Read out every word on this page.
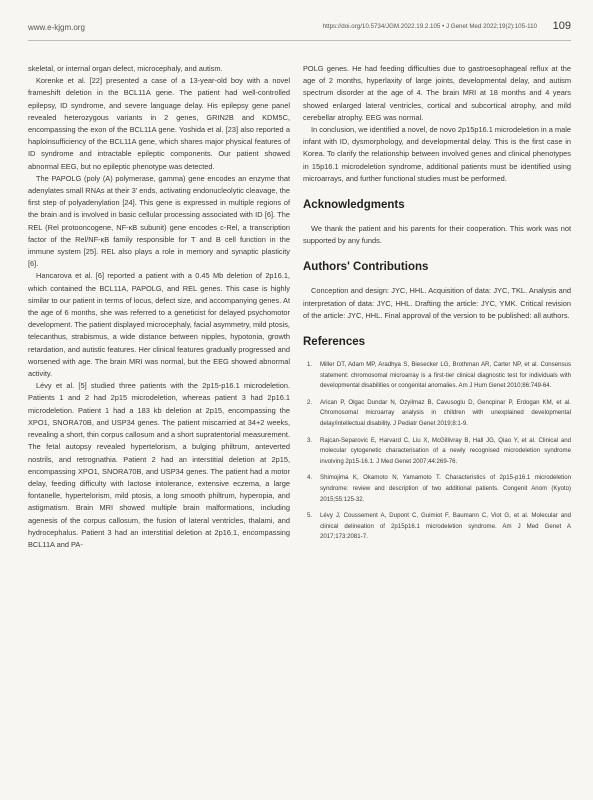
www.e-kjgm.org	https://doi.org/10.5734/JGM.2022.19.2.105 • J Genet Med 2022;19(2):105-110 109

skeletal, or internal organ defect, microcephaly, and autism.

Korenke et al. [22] presented a case of a 13-year-old boy with a novel frameshift deletion in the BCL11A gene. The patient had well-controlled epilepsy, ID syndrome, and severe language delay. His epilepsy gene panel revealed heterozygous variants in 2 genes, GRIN2B and KDM5C, encompassing the exon of the BCL11A gene. Yoshida et al. [23] also reported a haploinsufficiency of the BCL11A gene, which shares major physical features of ID syndrome and intractable epileptic components. Our patient showed abnormal EEG, but no epileptic phenotype was detected.

The PAPOLG (poly (A) polymerase, gamma) gene encodes an enzyme that adenylates small RNAs at their 3' ends, activating endonucleolytic cleavage, the first step of polyadenylation [24]. This gene is expressed in multiple regions of the brain and is involved in basic cellular processing associated with ID [6]. The REL (Rel protooncogene, NF-κB subunit) gene encodes c-Rel, a transcription factor of the Rel/NF-κB family responsible for T and B cell function in the immune system [25]. REL also plays a role in memory and synaptic plasticity [6].

Hancarova et al. [6] reported a patient with a 0.45 Mb deletion of 2p16.1, which contained the BCL11A, PAPOLG, and REL genes. This case is highly similar to our patient in terms of locus, defect size, and accompanying genes. At the age of 6 months, she was referred to a geneticist for delayed psychomotor development. The patient displayed microcephaly, facial asymmetry, mild ptosis, telecanthus, strabismus, a wide distance between nipples, hypotonia, growth retardation, and autistic features. Her clinical features gradually progressed and worsened with age. The brain MRI was normal, but the EEG showed abnormal activity.

Lévy et al. [5] studied three patients with the 2p15-p16.1 microdeletion. Patients 1 and 2 had 2p15 microdeletion, whereas patient 3 had 2p16.1 microdeletion. Patient 1 had a 183 kb deletion at 2p15, encompassing the XPO1, SNORA70B, and USP34 genes. The patient miscarried at 34+2 weeks, revealing a short, thin corpus callosum and a short supratentorial measurement. The fetal autopsy revealed hypertelorism, a bulging philtrum, anteverted nostrils, and retrognathia. Patient 2 had an interstitial deletion at 2p15, encompassing XPO1, SNORA70B, and USP34 genes. The patient had a motor delay, feeding difficulty with lactose intolerance, extensive eczema, a large fontanelle, hypertelorism, mild ptosis, a long smooth philtrum, hyperopia, and astigmatism. Brain MRI showed multiple brain malformations, including agenesis of the corpus callosum, the fusion of lateral ventricles, thalami, and hydrocephalus. Patient 3 had an interstitial deletion at 2p16.1, encompassing BCL11A and PA-

POLG genes. He had feeding difficulties due to gastroesophageal reflux at the age of 2 months, hyperlaxity of large joints, developmental delay, and autism spectrum disorder at the age of 4. The brain MRI at 18 months and 4 years showed enlarged lateral ventricles, cortical and subcortical atrophy, and mild cerebellar atrophy. EEG was normal.

In conclusion, we identified a novel, de novo 2p15p16.1 microdeletion in a male infant with ID, dysmorphology, and developmental delay. This is the first case in Korea. To clarify the relationship between involved genes and clinical phenotypes in 15p16.1 microdeletion syndrome, additional patients must be identified using microarrays, and further functional studies must be performed.

Acknowledgments

We thank the patient and his parents for their cooperation. This work was not supported by any funds.

Authors' Contributions

Conception and design: JYC, HHL. Acquisition of data: JYC, TKL. Analysis and interpretation of data: JYC, HHL. Drafting the article: JYC, YMK. Critical revision of the article: JYC, HHL. Final approval of the version to be published: all authors.

References
1. Miller DT, Adam MP, Aradhya S, Biesecker LG, Brothman AR, Carter NP, et al. Consensus statement: chromosomal microarray is a first-tier clinical diagnostic test for individuals with developmental disabilities or congenital anomalies. Am J Hum Genet 2010;86:749-64.
2. Arican P, Olgac Dundar N, Ozyilmaz B, Cavusoglu D, Gencpinar P, Erdogan KM, et al. Chromosomal microarray analysis in children with unexplained developmental delay/intellectual disability. J Pediatr Genet 2019;8:1-9.
3. Rajcan-Separovic E, Harvard C, Liu X, McGillivray B, Hall JG, Qiao Y, et al. Clinical and molecular cytogenetic characterisation of a newly recognised microdeletion syndrome involving 2p15-16.1. J Med Genet 2007;44:269-76.
4. Shimojima K, Okamoto N, Yamamoto T. Characteristics of 2p15-p16.1 microdeletion syndrome: review and description of two additional patients. Congenit Anom (Kyoto) 2015;55:125-32.
5. Lévy J, Coussement A, Dupont C, Guimiot F, Baumann C, Viot G, et al. Molecular and clinical delineation of 2p15p16.1 microdeletion syndrome. Am J Med Genet A 2017;173:2081-7.
